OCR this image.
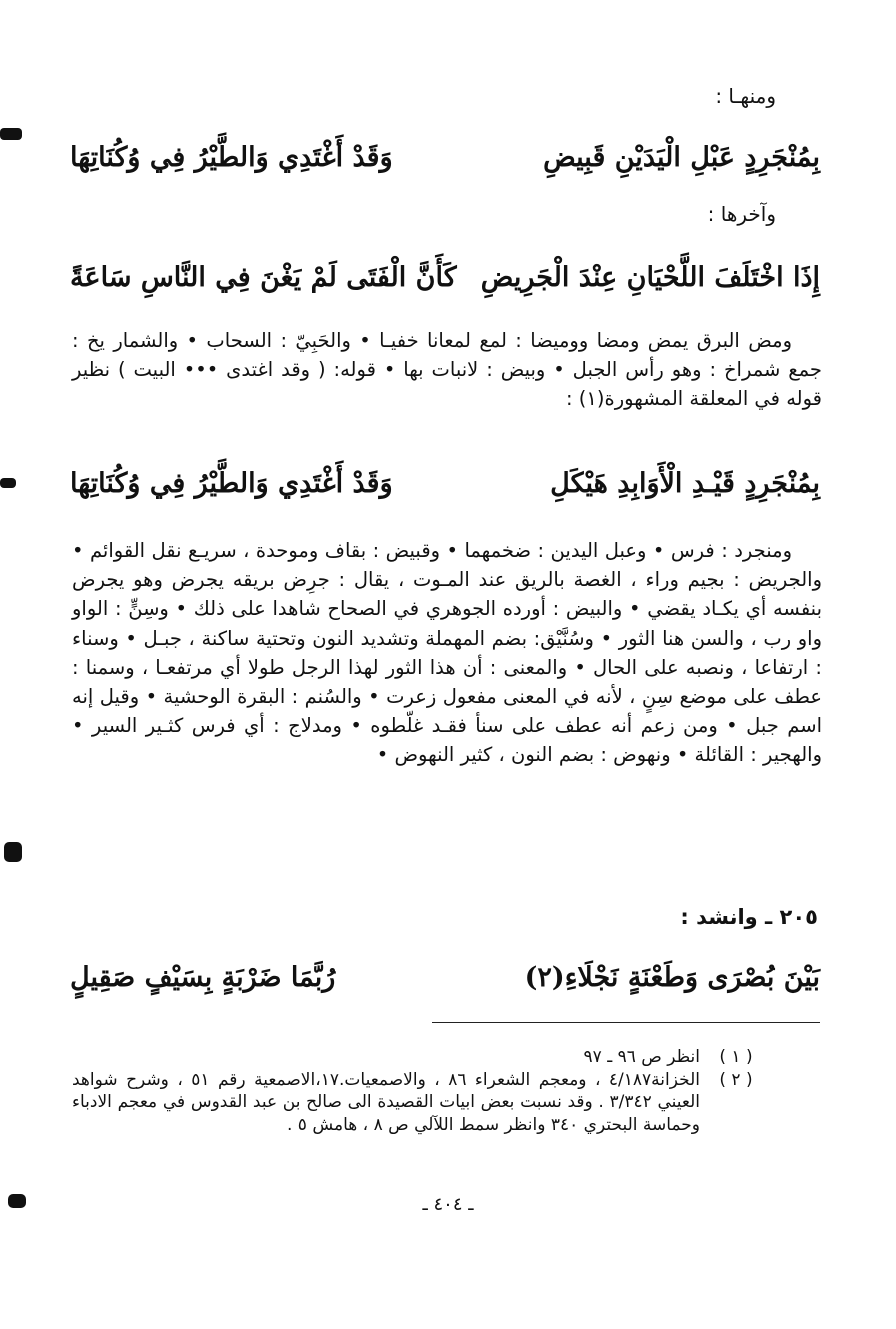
ومنهـا :
وَقَدْ أَغْتَدِي وَالطَّيْرُ فِي وُكُنَاتِهَا	بِمُنْجَرِدٍ عَبْلِ الْيَدَيْنِ قَبِيضِ
وآخرها :
كَأَنَّ الْفَتَى لَمْ يَغْنَ فِي النَّاسِ سَاعَةً إِذَا اخْتَلَفَ اللَّحْيَانِ عِنْدَ الْجَرِيضِ

ومض البرق يمض ومضا ووميضا : لمع لمعانا خفيـا • والحَبِيّ : السحاب • والشمار يخ : جمع شمراخ : وهو رأس الجبل • وبيض : لانبات بها • قوله: ( وقد اغتدى ••• البيت ) نظير قوله في المعلقة المشهورة(١) :

وَقَدْ أَغْتَدِي وَالطَّيْرُ فِي وُكُنَاتِهَا	بِمُنْجَرِدٍ قَيْـدِ الْأَوَابِدِ هَيْكَلِ

ومنجرد : فرس • وعبل اليدين : ضخمهما • وقبيض : بقاف وموحدة ، سريـع نقل القوائم • والجريض : بجيم وراء ، الغصة بالريق عند المـوت ، يقال : جرِض بريقه يجرض وهو يجرض بنفسه أي يكـاد يقضي • والبيض : أورده الجوهري في الصحاح شاهدا على ذلك • وسِنٍّ : الواو واو رب ، والسن هنا الثور • وسُنَّيْق: بضم المهملة وتشديد النون وتحتية ساكنة ، جبـل • وسناء : ارتفاعا ، ونصبه على الحال • والمعنى : أن هذا الثور لهذا الرجل طولا أي مرتفعـا ، وسمنا : عطف على موضع سِنٍ ، لأنه في المعنى مفعول زعرت • والسُنم : البقرة الوحشية • وقيل إنه اسم جبل • ومن زعم أنه عطف على سنأ فقـد غلّطوه • ومدلاج : أي فرس كثـير السير • والهجير : القائلة • ونهوض : بضم النون ، كثير النهوض •

٢٠٥ ـ وانشد :
رُبَّمَا ضَرْبَةٍ بِسَيْفٍ صَقِيلٍ	بَيْنَ بُصْرَى وَطَعْنَةٍ نَجْلَاءِ(٢)
( ١ )
انظر ص ٩٦ ـ ٩٧
( ٢ )
الخزانة٤/١٨٧ ، ومعجم الشعراء ٨٦ ، والاصمعيات.١٧،الاصمعية رقم ٥١ ، وشرح شواهد العيني ٣/٣٤٢ . وقد نسبت بعض ابيات القصيدة الى صالح بن عبد القدوس في معجم الادباء وحماسة البحتري ٣٤٠ وانظر سمط اللآلي ص ٨ ، هامش ٥ .
ـ ٤٠٤ ـ
